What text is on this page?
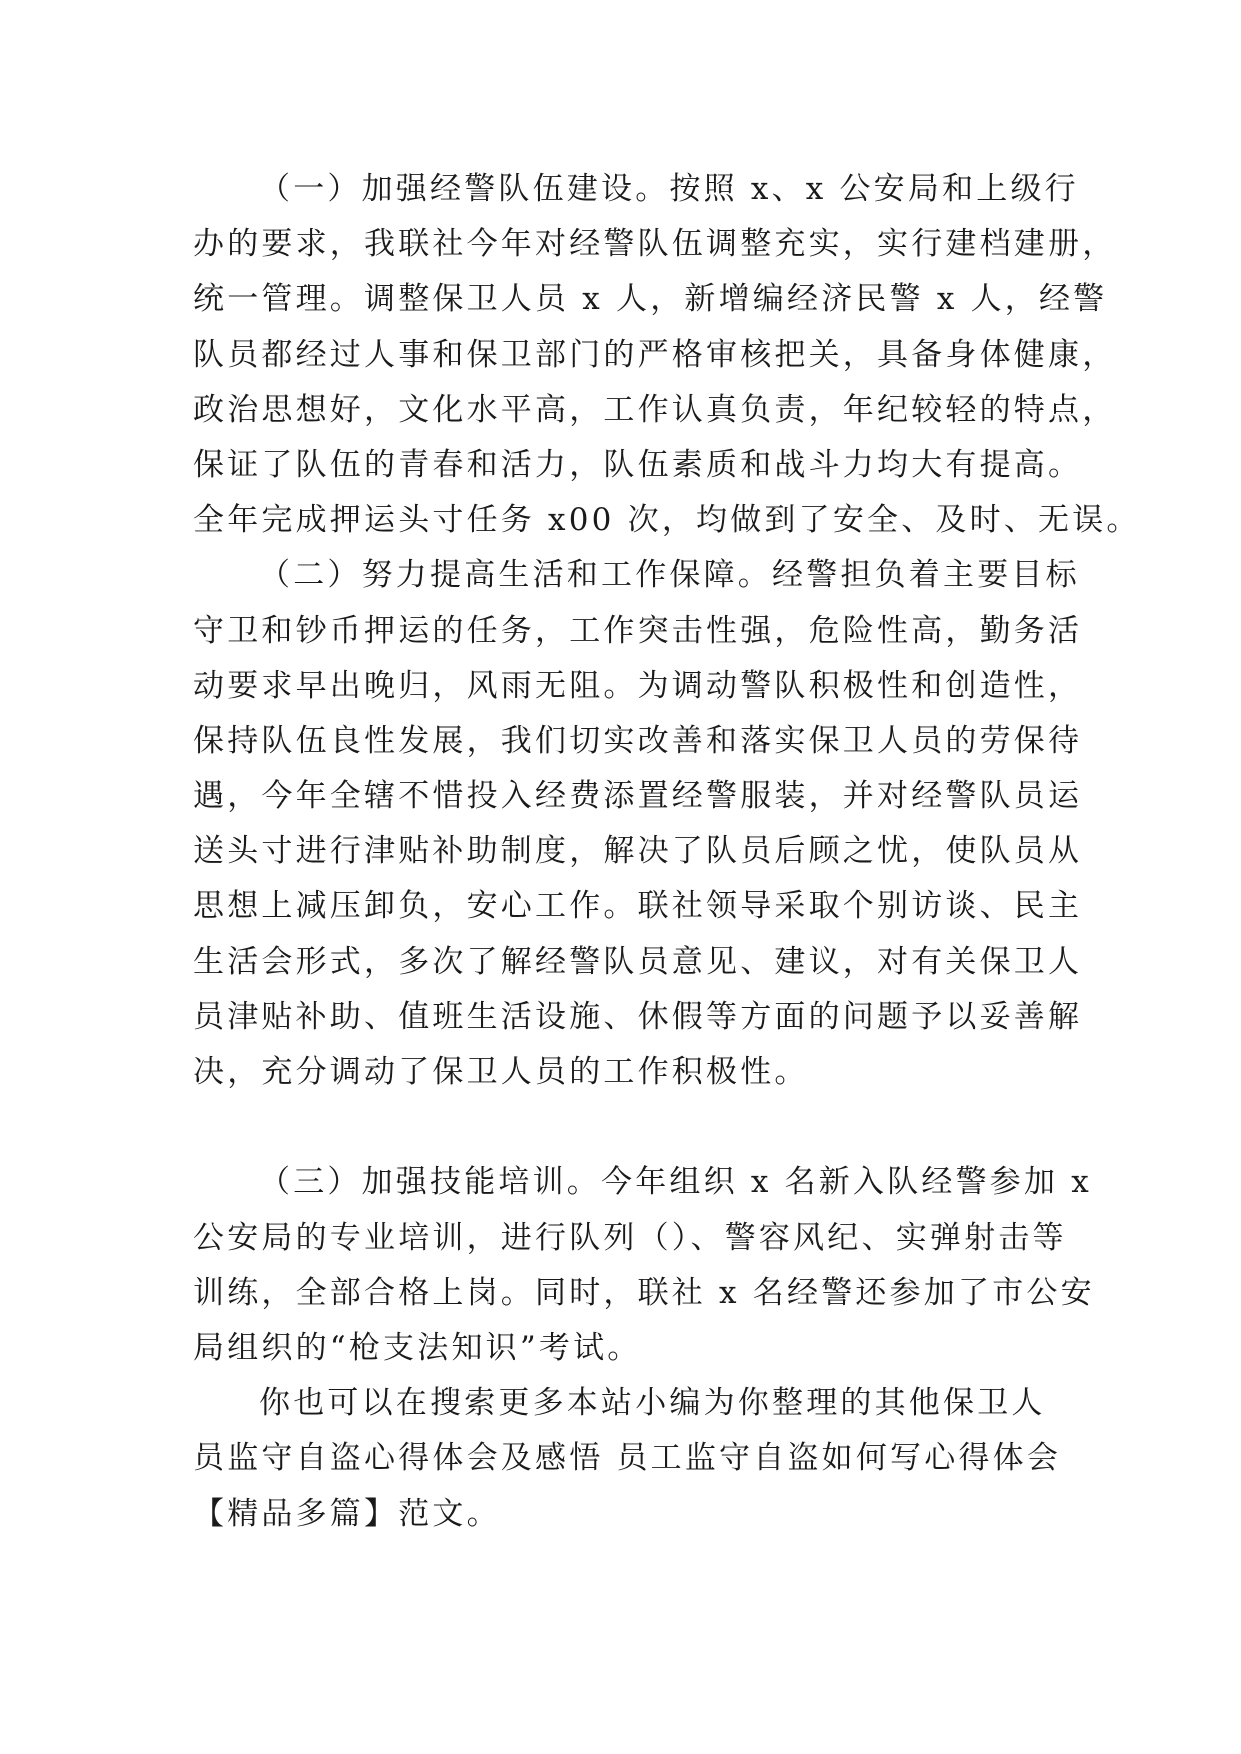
（一）加强经警队伍建设。按照 x、x 公安局和上级行
办的要求，我联社今年对经警队伍调整充实，实行建档建册，
统一管理。调整保卫人员 x 人，新增编经济民警 x 人，经警
队员都经过人事和保卫部门的严格审核把关，具备身体健康，
政治思想好，文化水平高，工作认真负责，年纪较轻的特点，
保证了队伍的青春和活力，队伍素质和战斗力均大有提高。
全年完成押运头寸任务 x00 次，均做到了安全、及时、无误。
（二）努力提高生活和工作保障。经警担负着主要目标
守卫和钞币押运的任务，工作突击性强，危险性高，勤务活
动要求早出晚归，风雨无阻。为调动警队积极性和创造性，
保持队伍良性发展，我们切实改善和落实保卫人员的劳保待
遇，今年全辖不惜投入经费添置经警服装，并对经警队员运
送头寸进行津贴补助制度，解决了队员后顾之忧，使队员从
思想上减压卸负，安心工作。联社领导采取个别访谈、民主
生活会形式，多次了解经警队员意见、建议，对有关保卫人
员津贴补助、值班生活设施、休假等方面的问题予以妥善解
决，充分调动了保卫人员的工作积极性。
（三）加强技能培训。今年组织 x 名新入队经警参加 x
公安局的专业培训，进行队列（）、警容风纪、实弹射击等
训练，全部合格上岗。同时，联社 x 名经警还参加了市公安
局组织的“枪支法知识”考试。
你也可以在搜索更多本站小编为你整理的其他保卫人
员监守自盗心得体会及感悟 员工监守自盗如何写心得体会
【精品多篇】范文。
